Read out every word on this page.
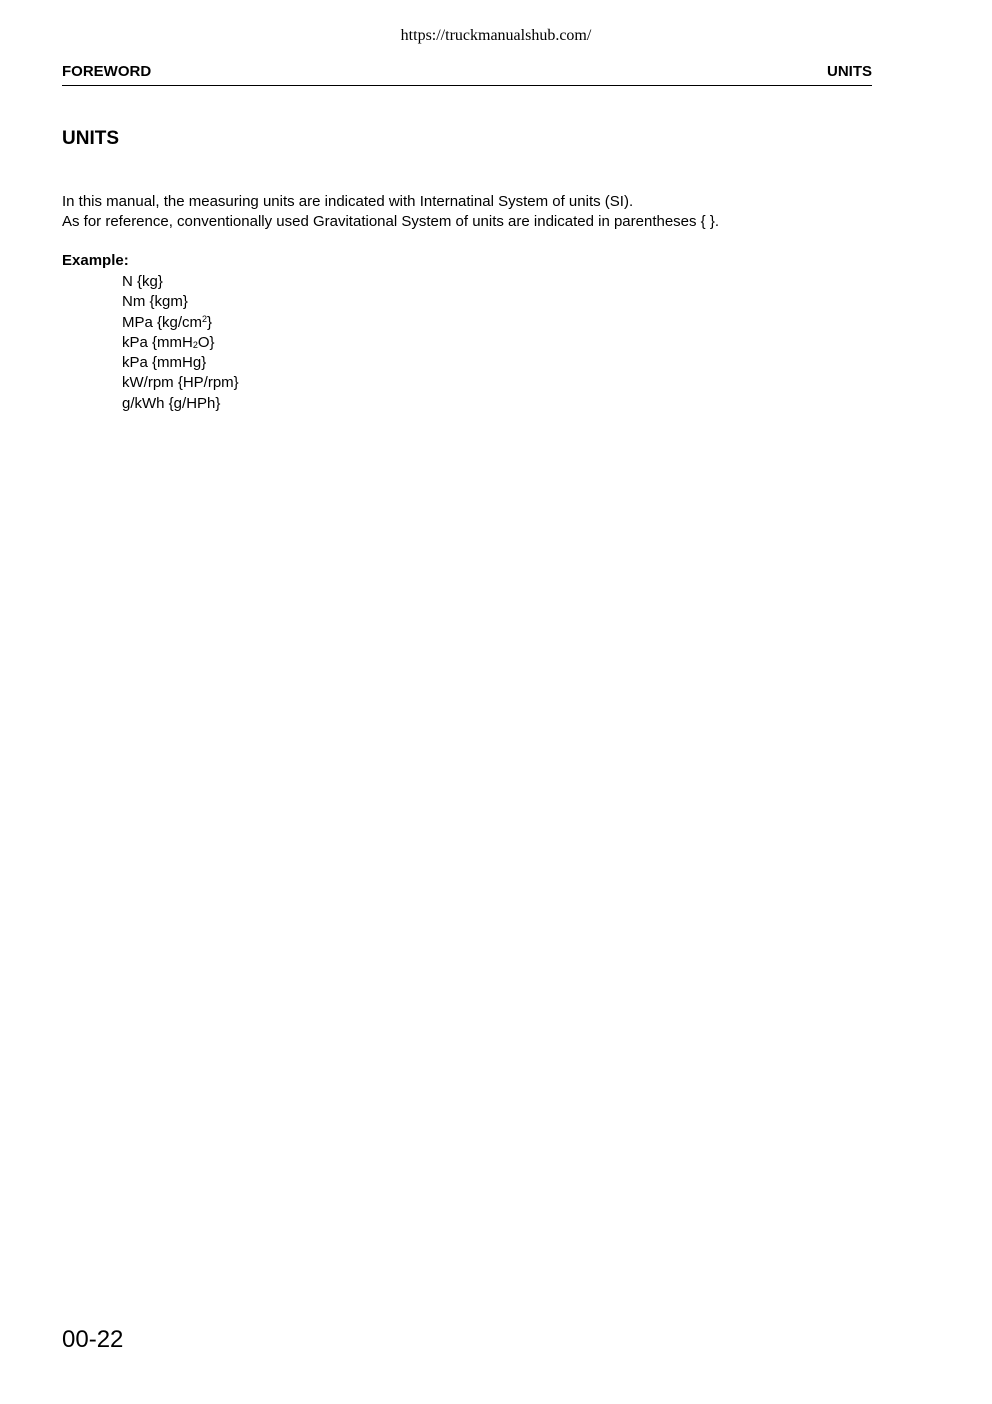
https://truckmanualshub.com/
FOREWORD	UNITS
UNITS

In this manual, the measuring units are indicated with Internatinal System of units (SI).

As for reference, conventionally used Gravitational System of units are indicated in parentheses { }.

Example:
N {kg}
Nm {kgm}
MPa $\{kg/cm^2\}$
kPa {mmH$_2$O}
kPa {mmHg}
kW/rpm {HP/rpm}
g/kWh {g/HPh}
00-22
